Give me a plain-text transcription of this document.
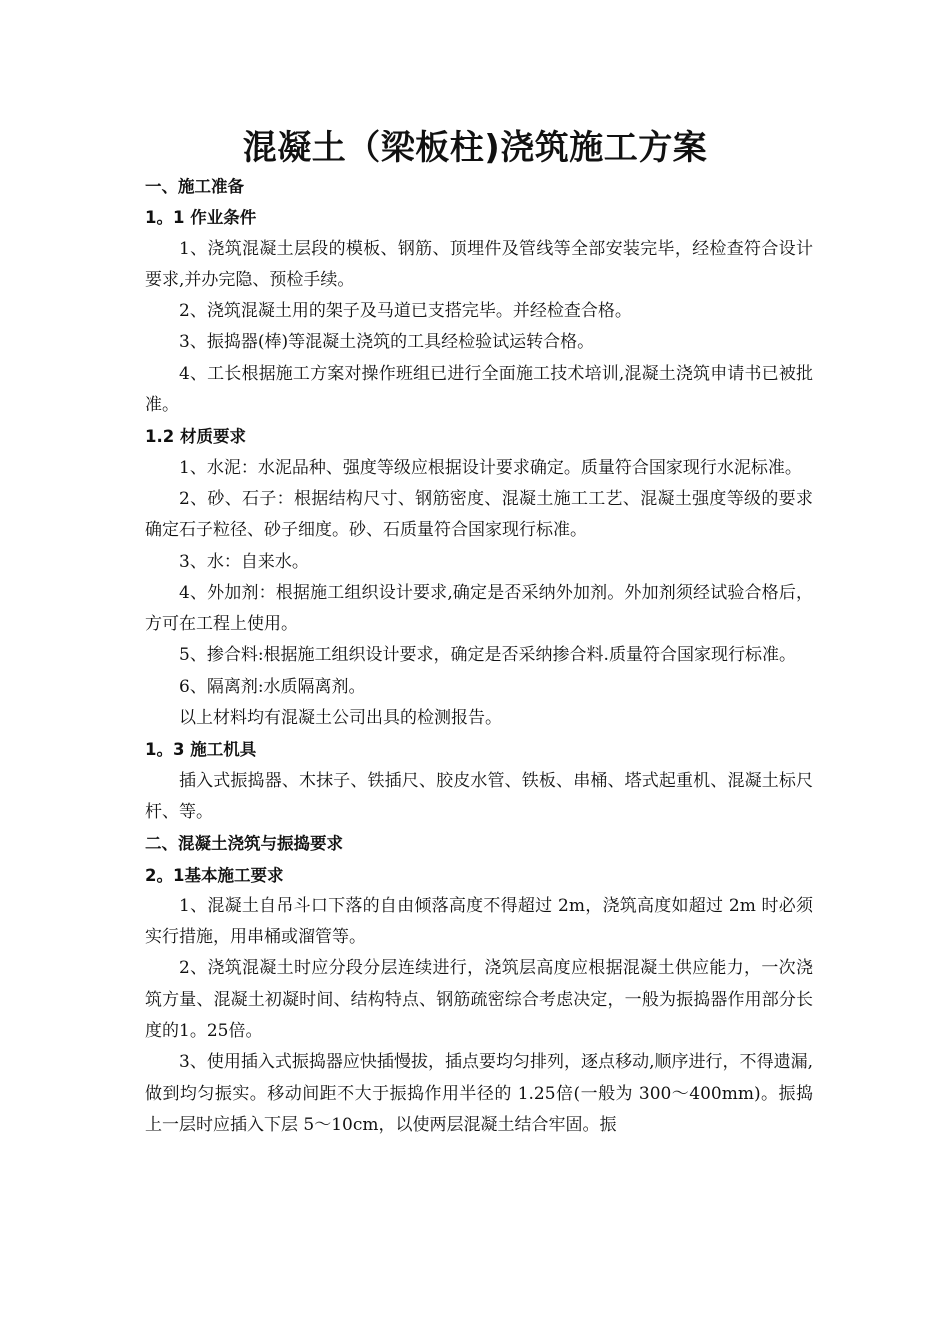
混凝土（梁板柱)浇筑施工方案
一、施工准备
1。1 作业条件
1、浇筑混凝土层段的模板、钢筋、顶埋件及管线等全部安装完毕，经检查符合设计要求,并办完隐、预检手续。
2、浇筑混凝土用的架子及马道已支搭完毕。并经检查合格。
3、振捣器(棒)等混凝土浇筑的工具经检验试运转合格。
4、工长根据施工方案对操作班组已进行全面施工技术培训,混凝土浇筑申请书已被批准。
1.2 材质要求
1、水泥：水泥品种、强度等级应根据设计要求确定。质量符合国家现行水泥标准。
2、砂、石子：根据结构尺寸、钢筋密度、混凝土施工工艺、混凝土强度等级的要求确定石子粒径、砂子细度。砂、石质量符合国家现行标准。
3、水：自来水。
4、外加剂：根据施工组织设计要求,确定是否采纳外加剂。外加剂须经试验合格后，方可在工程上使用。
5、掺合料:根据施工组织设计要求，确定是否采纳掺合料.质量符合国家现行标准。
6、隔离剂:水质隔离剂。
以上材料均有混凝土公司出具的检测报告。
1。3 施工机具
插入式振捣器、木抹子、铁插尺、胶皮水管、铁板、串桶、塔式起重机、混凝土标尺杆、等。
二、混凝土浇筑与振捣要求
2。1基本施工要求
1、混凝土自吊斗口下落的自由倾落高度不得超过 2m，浇筑高度如超过 2m 时必须实行措施，用串桶或溜管等。
2、浇筑混凝土时应分段分层连续进行，浇筑层高度应根据混凝土供应能力，一次浇筑方量、混凝土初凝时间、结构特点、钢筋疏密综合考虑决定，一般为振捣器作用部分长度的1。25倍。
3、使用插入式振捣器应快插慢拔，插点要均匀排列，逐点移动,顺序进行，不得遗漏,做到均匀振实。移动间距不大于振捣作用半径的 1.25倍(一般为 300～400mm)。振捣上一层时应插入下层 5～10cm，以使两层混凝土结合牢固。振
